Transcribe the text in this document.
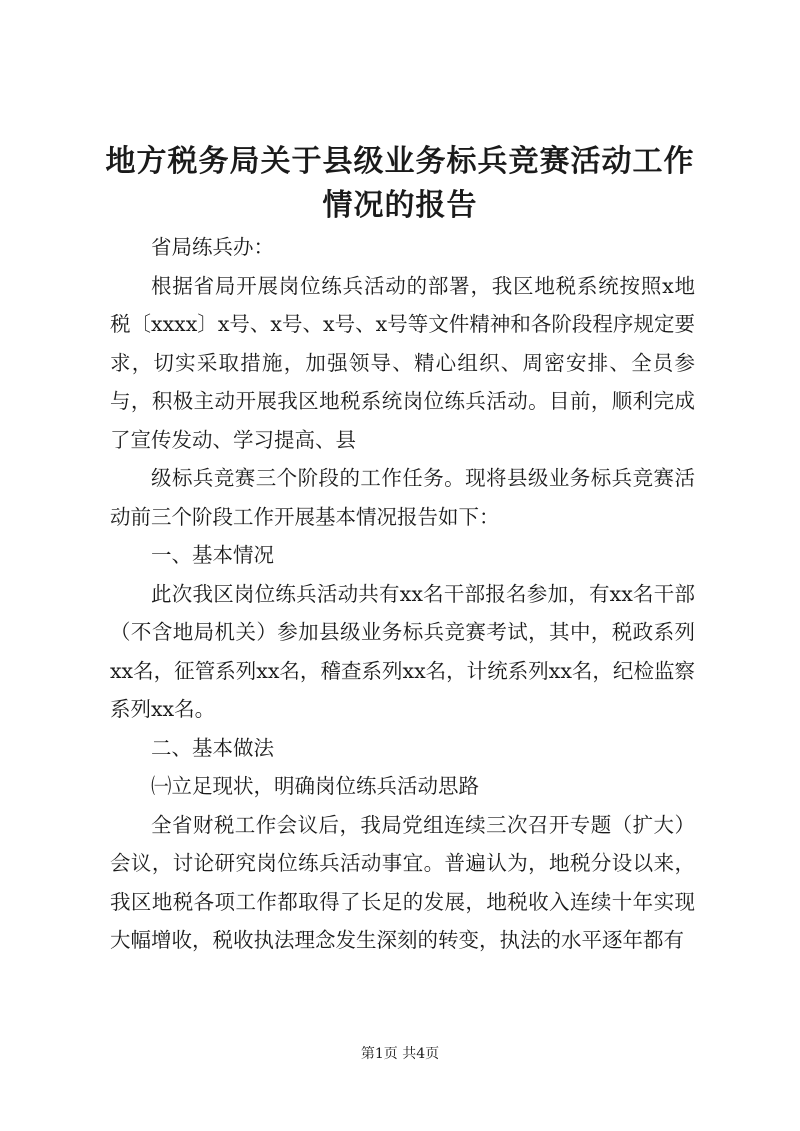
地方税务局关于县级业务标兵竞赛活动工作情况的报告

省局练兵办：

根据省局开展岗位练兵活动的部署，我区地税系统按照x地税〔xxxx〕x号、x号、x号、x号等文件精神和各阶段程序规定要求，切实采取措施，加强领导、精心组织、周密安排、全员参与，积极主动开展我区地税系统岗位练兵活动。目前，顺利完成了宣传发动、学习提高、县

级标兵竞赛三个阶段的工作任务。现将县级业务标兵竞赛活动前三个阶段工作开展基本情况报告如下：

一、基本情况

此次我区岗位练兵活动共有xx名干部报名参加，有xx名干部（不含地局机关）参加县级业务标兵竞赛考试，其中，税政系列xx名，征管系列xx名，稽查系列xx名，计统系列xx名，纪检监察系列xx名。

二、基本做法

㈠立足现状，明确岗位练兵活动思路

全省财税工作会议后，我局党组连续三次召开专题（扩大）会议，讨论研究岗位练兵活动事宜。普遍认为，地税分设以来，我区地税各项工作都取得了长足的发展，地税收入连续十年实现大幅增收，税收执法理念发生深刻的转变，执法的水平逐年都有

第1页 共4页
